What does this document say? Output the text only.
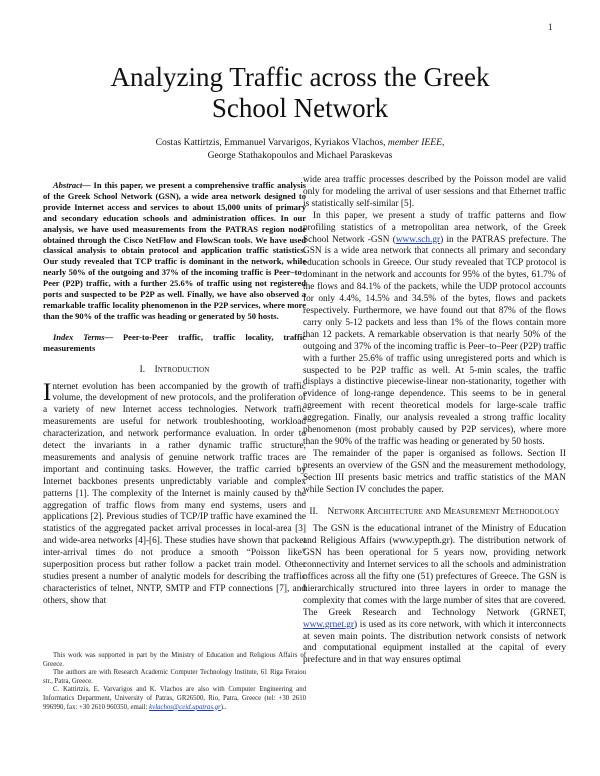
1
Analyzing Traffic across the Greek
School Network
Costas Kattirtzis, Emmanuel Varvarigos, Kyriakos Vlachos, member IEEE,
George Stathakopoulos and Michael Paraskevas

Abstract— In this paper, we present a comprehensive traffic analysis of the Greek School Network (GSN), a wide area network designed to provide Internet access and services to about 15,000 units of primary and secondary education schools and administration offices. In our analysis, we have used measurements from the PATRAS region node obtained through the Cisco NetFlow and FlowScan tools. We have used classical analysis to obtain protocol and application traffic statistics. Our study revealed that TCP traffic is dominant in the network, while nearly 50% of the outgoing and 37% of the incoming traffic is Peer–to–Peer (P2P) traffic, with a further 25.6% of traffic using not registered ports and suspected to be P2P as well. Finally, we have also observed a remarkable traffic locality phenomenon in the P2P services, where more than the 90% of the traffic was heading or generated by 50 hosts.

Index Terms— Peer-to-Peer traffic, traffic locality, traffic measurements

I. Introduction

Internet evolution has been accompanied by the growth of traffic volume, the development of new protocols, and the proliferation of a variety of new Internet access technologies. Network traffic measurements are useful for network troubleshooting, workload characterization, and network performance evaluation. In order to detect the invariants in a rather dynamic traffic structure, measurements and analysis of genuine network traffic traces are important and continuing tasks. However, the traffic carried by Internet backbones presents unpredictably variable and complex patterns [1]. The complexity of the Internet is mainly caused by the aggregation of traffic flows from many end systems, users and applications [2]. Previous studies of TCP/IP traffic have examined the statistics of the aggregated packet arrival processes in local-area [3] and wide-area networks [4]-[6]. These studies have shown that packet inter-arrival times do not produce a smooth “Poisson like” superposition process but rather follow a packet train model. Other studies present a number of analytic models for describing the traffic characteristics of telnet, NNTP, SMTP and FTP connections [7], and others, show that

wide area traffic processes described by the Poisson model are valid only for modeling the arrival of user sessions and that Ethernet traffic is statistically self-similar [5].

In this paper, we present a study of traffic patterns and flow profiling statistics of a metropolitan area network, of the Greek School Network -GSN (www.sch.gr) in the PATRAS prefecture. The GSN is a wide area network that connects all primary and secondary education schools in Greece. Our study revealed that TCP protocol is dominant in the network and accounts for 95% of the bytes, 61.7% of the flows and 84.1% of the packets, while the UDP protocol accounts for only 4.4%, 14.5% and 34.5% of the bytes, flows and packets respectively. Furthermore, we have found out that 87% of the flows carry only 5-12 packets and less than 1% of the flows contain more than 12 packets. A remarkable observation is that nearly 50% of the outgoing and 37% of the incoming traffic is Peer–to–Peer (P2P) traffic with a further 25.6% of traffic using unregistered ports and which is suspected to be P2P traffic as well. At 5-min scales, the traffic displays a distinctive piecewise-linear non-stationarity, together with evidence of long-range dependence. This seems to be in general agreement with recent theoretical models for large-scale traffic aggregation. Finally, our analysis revealed a strong traffic locality phenomenon (most probably caused by P2P services), where more than the 90% of the traffic was heading or generated by 50 hosts.

The remainder of the paper is organised as follows. Section II presents an overview of the GSN and the measurement methodology, Section III presents basic metrics and traffic statistics of the MAN while Section IV concludes the paper.

II. Network Architecture and Measurement Methodology

The GSN is the educational intranet of the Ministry of Education and Religious Affairs (www.ypepth.gr). The distribution network of GSN has been operational for 5 years now, providing network connectivity and Internet services to all the schools and administration offices across all the fifty one (51) prefectures of Greece. The GSN is hierarchically structured into three layers in order to manage the complexity that comes with the large number of sites that are covered. The Greek Research and Technology Network (GRNET, www.grnet.gr) is used as its core network, with which it interconnects at seven main points. The distribution network consists of network and computational equipment installed at the capital of every prefecture and in that way ensures optimal

This work was supported in part by the Ministry of Education and Religious Affairs of Greece.

The authors are with Research Academic Computer Technology Institute, 61 Riga Feraiou str., Patra, Greece.

C. Kattirtzis, E. Varvarigos and K. Vlachos are also with Computer Engineering and Informatics Department, University of Patras, GR26500, Rio, Patra, Greece (tel: +30 2610 996990, fax: +30 2610 960350, email: kvlachos@ceid.upatras.gr)..
